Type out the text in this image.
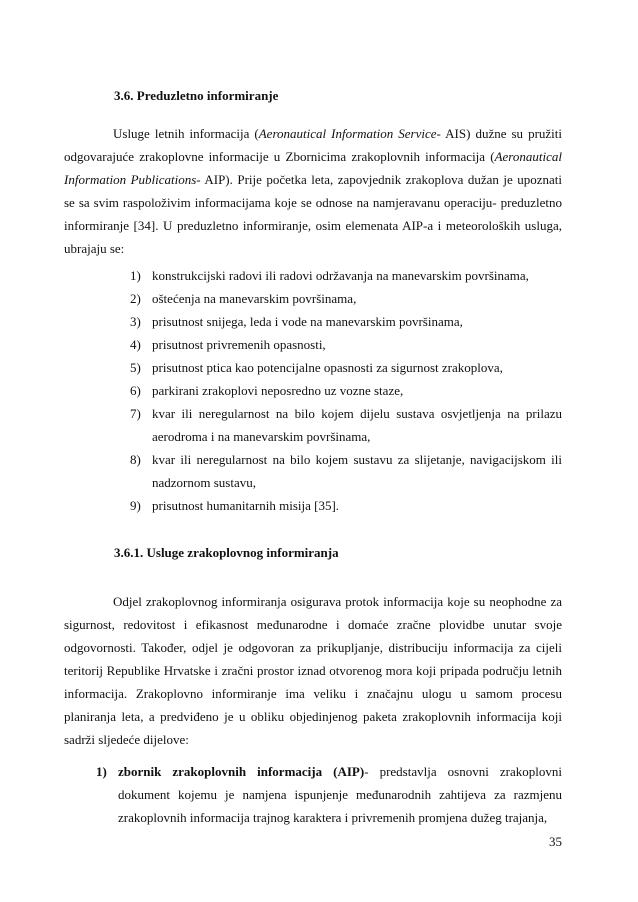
3.6. Preduzletno informiranje

Usluge letnih informacija (Aeronautical Information Service- AIS) dužne su pružiti odgovarajuće zrakoplovne informacije u Zbornicima zrakoplovnih informacija (Aeronautical Information Publications- AIP). Prije početka leta, zapovjednik zrakoplova dužan je upoznati se sa svim raspoloživim informacijama koje se odnose na namjeravanu operaciju- preduzletno informiranje [34]. U preduzletno informiranje, osim elemenata AIP-a i meteoroloških usluga, ubrajaju se:

1) konstrukcijski radovi ili radovi održavanja na manevarskim površinama,
2) oštećenja na manevarskim površinama,
3) prisutnost snijega, leda i vode na manevarskim površinama,
4) prisutnost privremenih opasnosti,
5) prisutnost ptica kao potencijalne opasnosti za sigurnost zrakoplova,
6) parkirani zrakoplovi neposredno uz vozne staze,
7) kvar ili neregularnost na bilo kojem dijelu sustava osvjetljenja na prilazu aerodroma i na manevarskim površinama,
8) kvar ili neregularnost na bilo kojem sustavu za slijetanje, navigacijskom ili nadzornom sustavu,
9) prisutnost humanitarnih misija [35].
3.6.1. Usluge zrakoplovnog informiranja

Odjel zrakoplovnog informiranja osigurava protok informacija koje su neophodne za sigurnost, redovitost i efikasnost međunarodne i domaće zračne plovidbe unutar svoje odgovornosti. Također, odjel je odgovoran za prikupljanje, distribuciju informacija za cijeli teritorij Republike Hrvatske i zračni prostor iznad otvorenog mora koji pripada području letnih informacija. Zrakoplovno informiranje ima veliku i značajnu ulogu u samom procesu planiranja leta, a predviđeno je u obliku objedinjenog paketa zrakoplovnih informacija koji sadrži sljedeće dijelove:

1) zbornik zrakoplovnih informacija (AIP)- predstavlja osnovni zrakoplovni dokument kojemu je namjena ispunjenje međunarodnih zahtijeva za razmjenu zrakoplovnih informacija trajnog karaktera i privremenih promjena dužeg trajanja,
35
